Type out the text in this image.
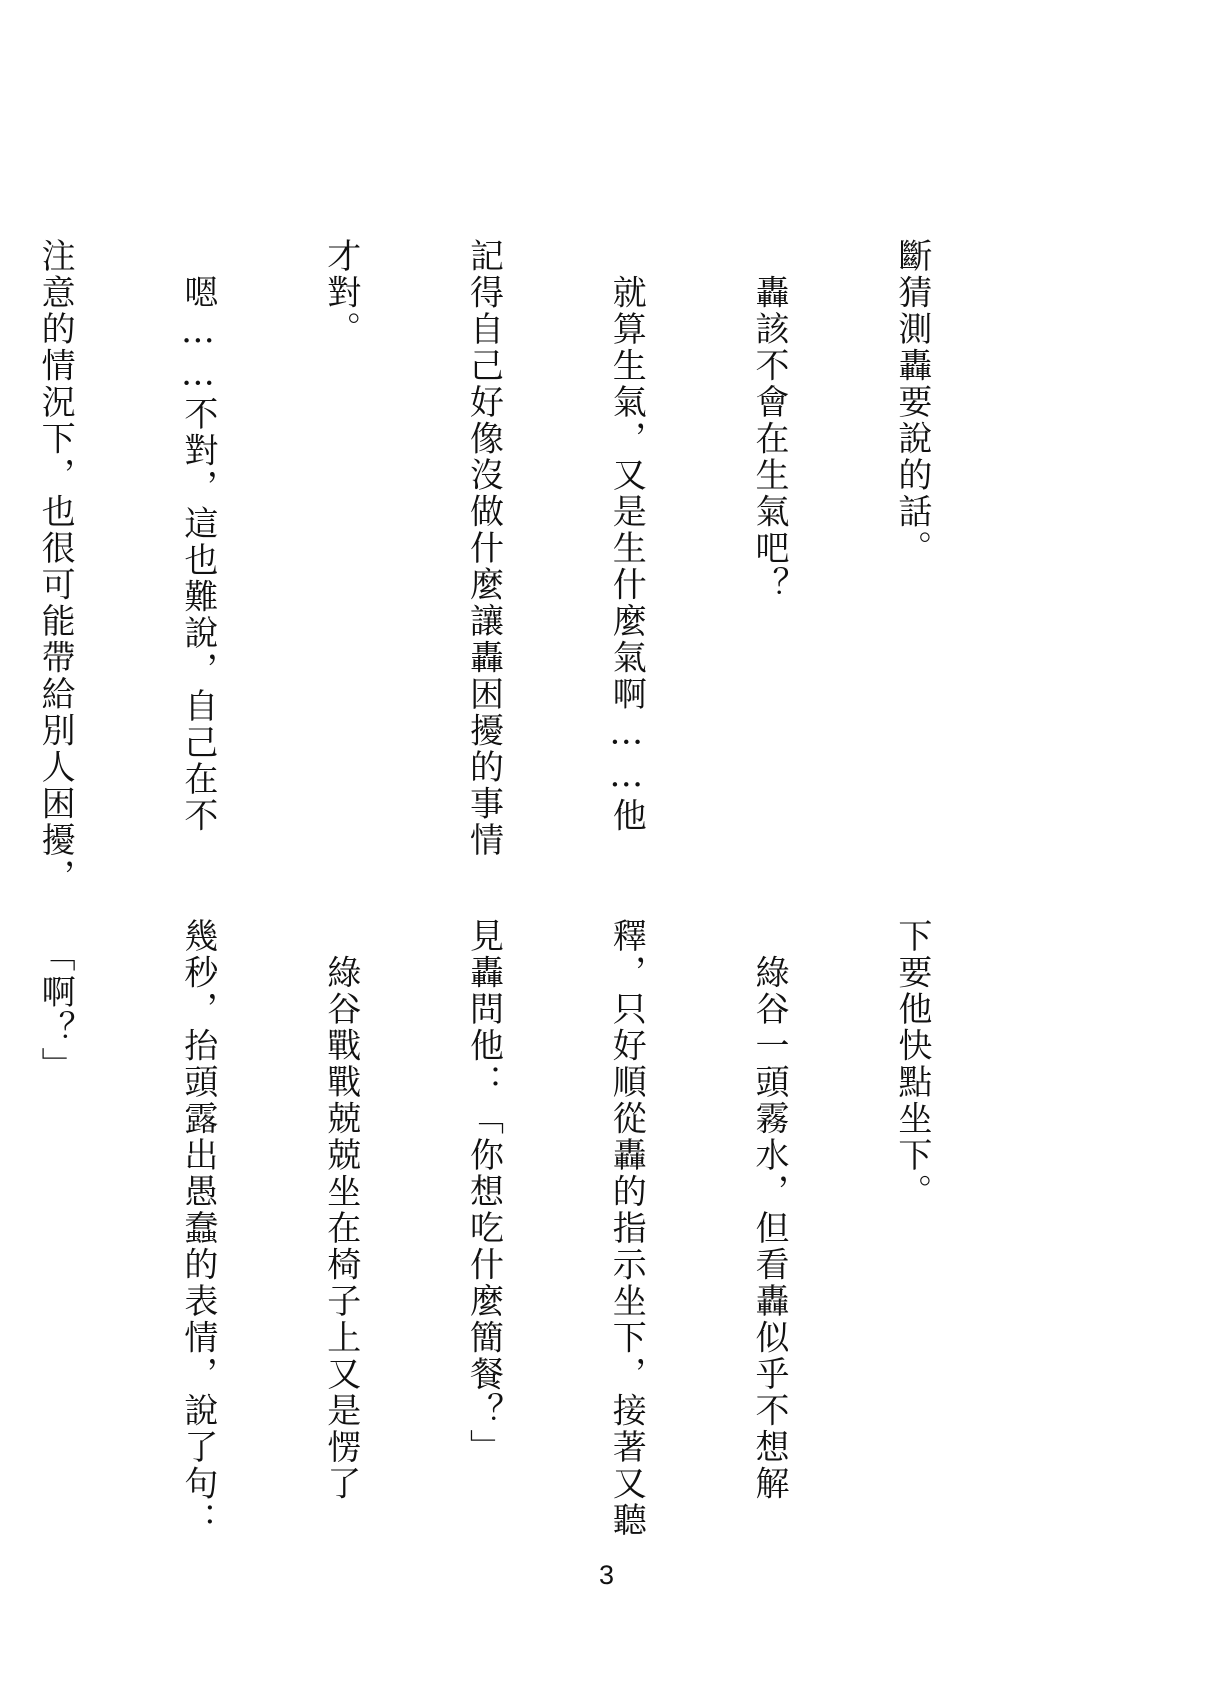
斷猜測轟要說的話。

　轟該不會在生氣吧？

　就算生氣，又是生什麼氣啊……他

記得自己好像沒做什麼讓轟困擾的事情

才對。

　嗯……不對，這也難說，自己在不

注意的情況下，也很可能帶給別人困擾，

下要他快點坐下。

　綠谷一頭霧水，但看轟似乎不想解

釋，只好順從轟的指示坐下，接著又聽

見轟問他：「你想吃什麼簡餐？」

　綠谷戰戰兢兢坐在椅子上又是愣了

幾秒，抬頭露出愚蠢的表情，說了句：

　「啊？」

3
